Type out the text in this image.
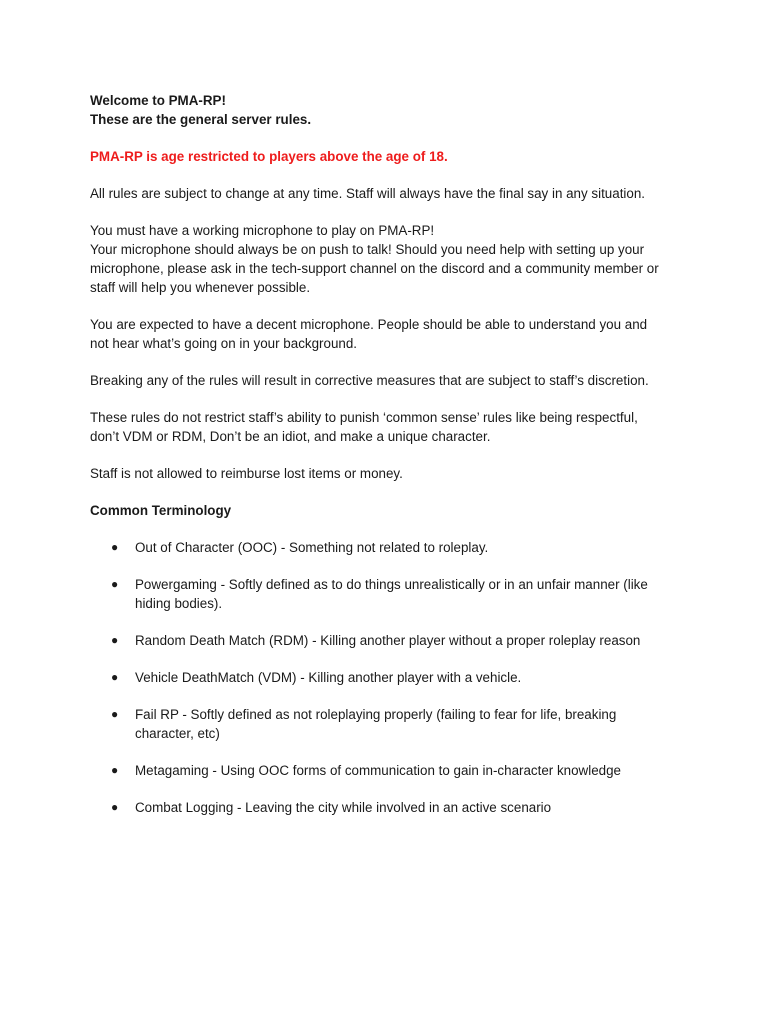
Welcome to PMA-RP!

These are the general server rules.

PMA-RP is age restricted to players above the age of 18.

All rules are subject to change at any time. Staff will always have the final say in any situation.

You must have a working microphone to play on PMA-RP!

Your microphone should always be on push to talk! Should you need help with setting up your

microphone, please ask in the tech-support channel on the discord and a community member or

staff will help you whenever possible.

You are expected to have a decent microphone. People should be able to understand you and

not hear what’s going on in your background.

Breaking any of the rules will result in corrective measures that are subject to staff’s discretion.

These rules do not restrict staff’s ability to punish ‘common sense’ rules like being respectful,

don’t VDM or RDM, Don’t be an idiot, and make a unique character.

Staff is not allowed to reimburse lost items or money.

Common Terminology

● Out of Character (OOC) - Something not related to roleplay.
● Powergaming - Softly defined as to do things unrealistically or in an unfair manner (like
hiding bodies).
● Random Death Match (RDM) - Killing another player without a proper roleplay reason
● Vehicle DeathMatch (VDM) - Killing another player with a vehicle.
● Fail RP - Softly defined as not roleplaying properly (failing to fear for life, breaking
character, etc)
● Metagaming - Using OOC forms of communication to gain in-character knowledge
● Combat Logging - Leaving the city while involved in an active scenario
